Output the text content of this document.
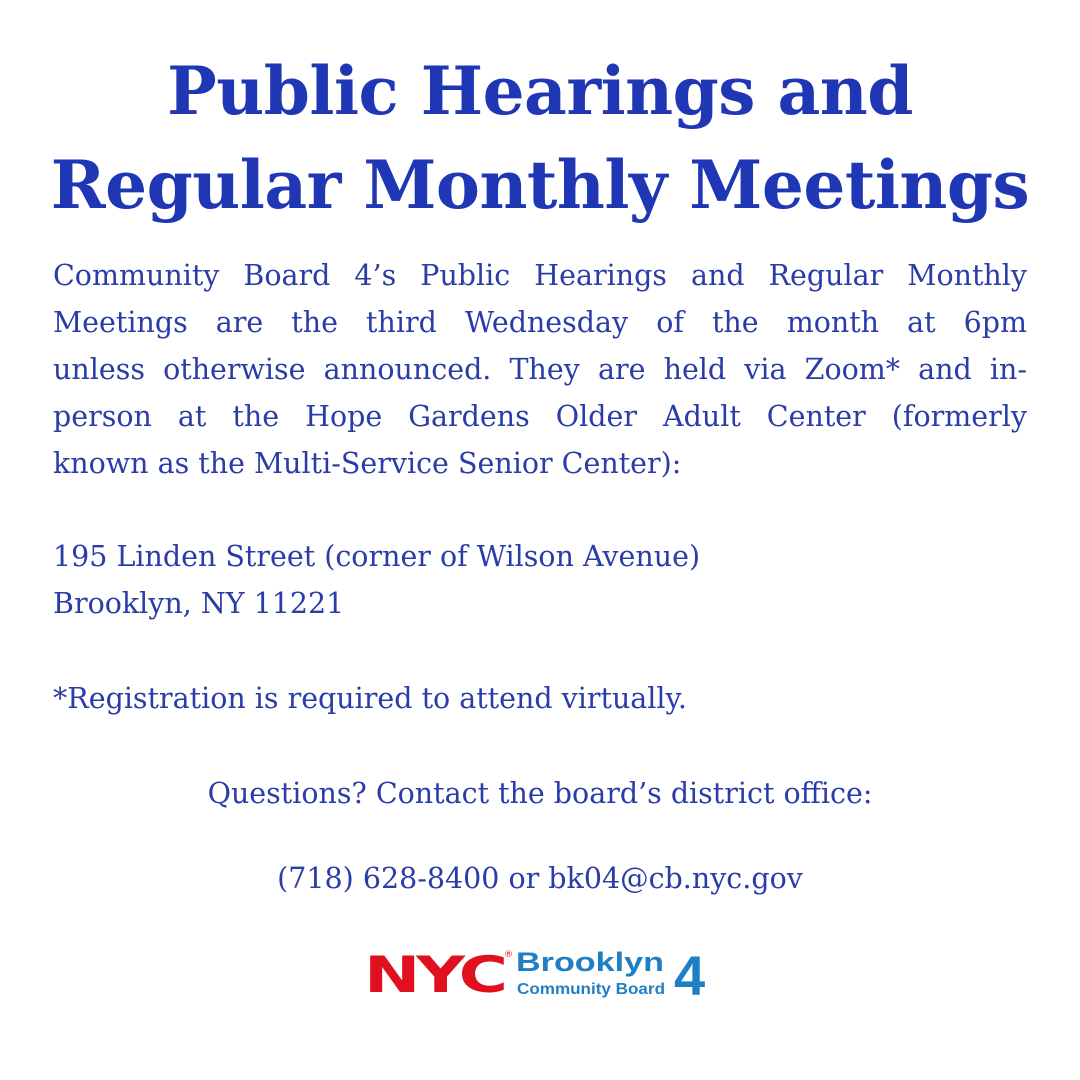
Public Hearings and
Regular Monthly Meetings
Community Board 4’s Public Hearings and Regular Monthly
Meetings are the third Wednesday of the month at 6pm
unless otherwise announced. They are held via Zoom* and in-
person at the Hope Gardens Older Adult Center (formerly
known as the Multi-Service Senior Center):
195 Linden Street (corner of Wilson Avenue)
Brooklyn, NY 11221

*Registration is required to attend virtually.

Questions? Contact the board’s district office:

(718) 628-8400 or bk04@cb.nyc.gov

NYC ® Brooklyn
Community Board 4
